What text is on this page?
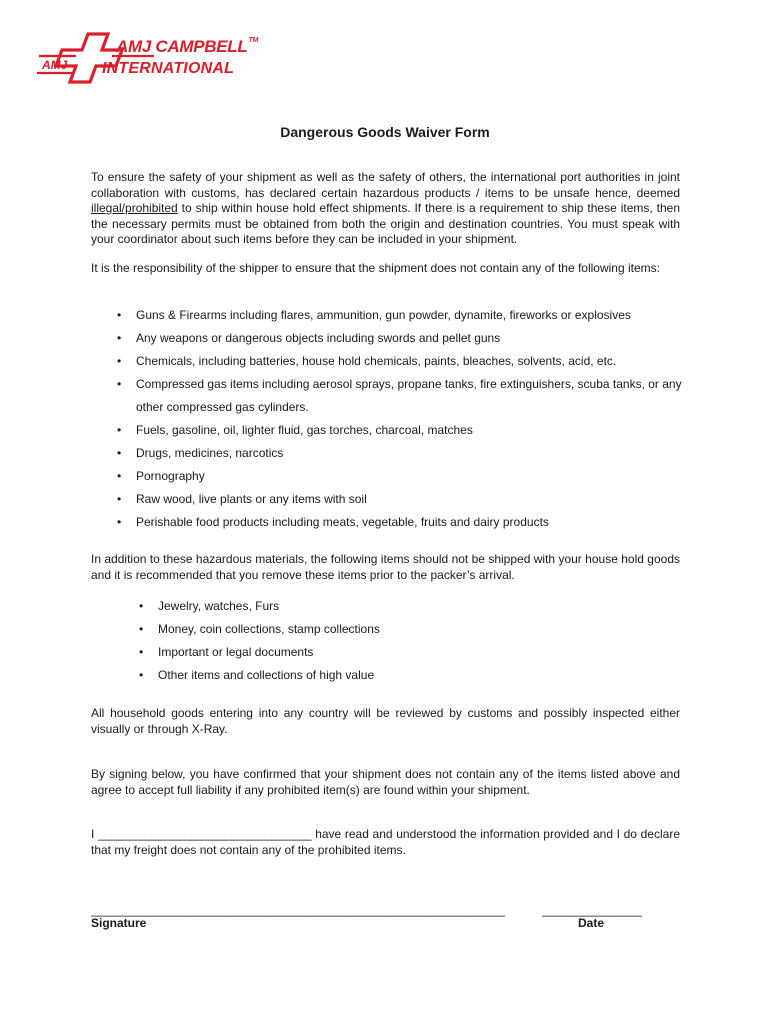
AMJ
AMJ CAMPBELL™
INTERNATIONAL
Dangerous Goods Waiver Form

To ensure the safety of your shipment as well as the safety of others, the international port authorities in joint collaboration with customs, has declared certain hazardous products / items to be unsafe hence, deemed illegal/prohibited to ship within house hold effect shipments. If there is a requirement to ship these items, then the necessary permits must be obtained from both the origin and destination countries. You must speak with your coordinator about such items before they can be included in your shipment.

It is the responsibility of the shipper to ensure that the shipment does not contain any of the following items:

• Guns & Firearms including flares, ammunition, gun powder, dynamite, fireworks or explosives
• Any weapons or dangerous objects including swords and pellet guns
• Chemicals, including batteries, house hold chemicals, paints, bleaches, solvents, acid, etc.
• Compressed gas items including aerosol sprays, propane tanks, fire extinguishers, scuba tanks, or any other compressed gas cylinders.
• Fuels, gasoline, oil, lighter fluid, gas torches, charcoal, matches
• Drugs, medicines, narcotics
• Pornography
• Raw wood, live plants or any items with soil
• Perishable food products including meats, vegetable, fruits and dairy products

In addition to these hazardous materials, the following items should not be shipped with your house hold goods and it is recommended that you remove these items prior to the packer’s arrival.

• Jewelry, watches, Furs
• Money, coin collections, stamp collections
• Important or legal documents
• Other items and collections of high value

All household goods entering into any country will be reviewed by customs and possibly inspected either visually or through X-Ray.

By signing below, you have confirmed that your shipment does not contain any of the items listed above and agree to accept full liability if any prohibited item(s) are found within your shipment.

I ________________________________ have read and understood the information provided and I do declare that my freight does not contain any of the prohibited items.

______________________________________________________________	_______________
Signature	Date
